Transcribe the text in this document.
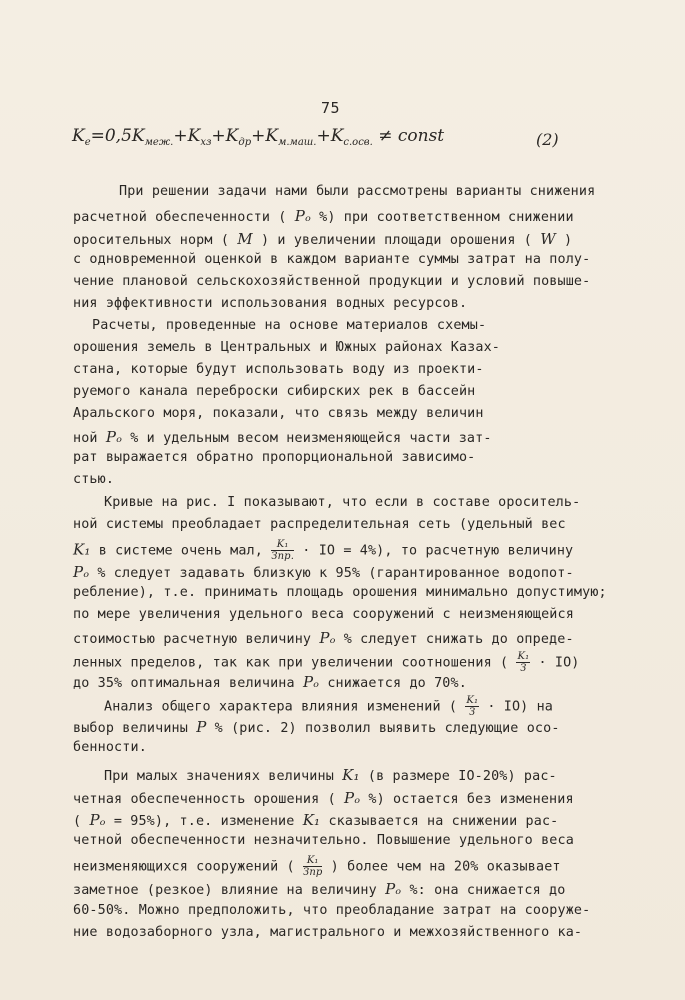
75
$K_e=0,5K_{меж.}+K_{хз}+K_{др}+K_{м.маш.}+K_{с.осв.}$ ≠ const	(2)
При решении задачи нами были рассмотрены варианты снижения
расчетной обеспеченности ( Pₒ %) при соответственном снижении
оросительных норм ( M ) и увеличении площади орошения ( W )
с одновременной оценкой в каждом варианте суммы затрат на полу-
чение плановой сельскохозяйственной продукции и условий повыше-
ния эффективности использования водных ресурсов.
Расчеты, проведенные на основе материалов схемы-
орошения земель в Центральных и Южных районах Казах-
стана, которые будут использовать воду из проекти-
руемого канала переброски сибирских рек в бассейн
Аральского моря, показали, что связь между величин
ной Pₒ % и удельным весом неизменяющейся части зат-
рат выражается обратно пропорциональной зависимо-
стью.
Кривые на рис. I показывают, что если в составе ороситель-
ной системы преобладает распределительная сеть (удельный вес
K₁ в системе очень мал, $\frac{\text{K₁}}{\text{Зпр.}}$ · IO = 4%), то расчетную величину
Pₒ % следует задавать близкую к 95% (гарантированное водопот-
ребление), т.е. принимать площадь орошения минимально допустимую;
по мере увеличения удельного веса сооружений с неизменяющейся
стоимостью расчетную величину Pₒ % следует снижать до опреде-
ленных пределов, так как при увеличении соотношения ( $\frac{\text{K₁}}{З} \cdot IO$)
до 35% оптимальная величина Pₒ снижается до 70%.
Анализ общего характера влияния изменений ( $\frac{\text{K₁}}{З} \cdot IO$) на
выбор величины P % (рис. 2) позволил выявить следующие осо-
бенности.
При малых значениях величины K₁ (в размере IO-20%) рас-
четная обеспеченность орошения ( Pₒ %) остается без изменения
( Pₒ = 95%), т.е. изменение K₁ сказывается на снижении рас-
четной обеспеченности незначительно. Повышение удельного веса
неизменяющихся сооружений ( $\frac{\text{K₁}}{\text{Зпр}}$ ) более чем на 20% оказывает
заметное (резкое) влияние на величину Pₒ %: она снижается до
60-50%. Можно предположить, что преобладание затрат на сооруже-
ние водозаборного узла, магистрального и межхозяйственного ка-
